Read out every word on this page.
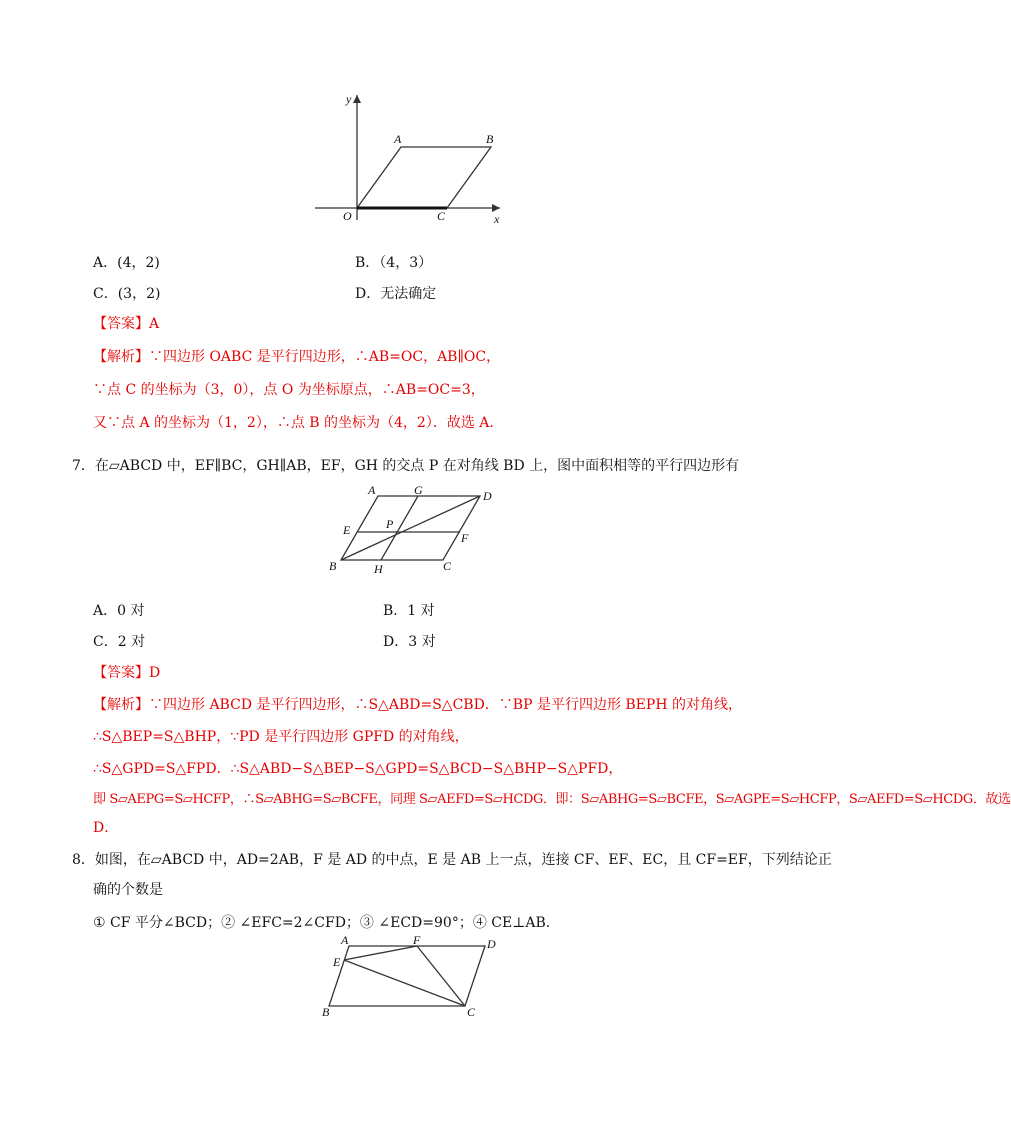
y
x
O
A	B
C
A．(4，2)	B．（4，3）
C．(3，2)	D．无法确定
【答案】A
【解析】∵四边形 OABC 是平行四边形，∴AB=OC，AB∥OC，
∵点 C 的坐标为（3，0），点 O 为坐标原点，∴AB=OC=3，
又∵点 A 的坐标为（1，2），∴点 B 的坐标为（4，2）．故选 A．
7．在▱ABCD 中，EF∥BC，GH∥AB，EF，GH 的交点 P 在对角线 BD 上，图中面积相等的平行四边形有
A	G	D
E	P
F
B	H	C
A．0 对	B．1 对
C．2 对	D．3 对
【答案】D
【解析】∵四边形 ABCD 是平行四边形，∴S△ABD=S△CBD．∵BP 是平行四边形 BEPH 的对角线，
∴S△BEP=S△BHP，∵PD 是平行四边形 GPFD 的对角线，
∴S△GPD=S△FPD．∴S△ABD−S△BEP−S△GPD=S△BCD−S△BHP−S△PFD，
即 S▱AEPG=S▱HCFP，∴S▱ABHG=S▱BCFE，同理 S▱AEFD=S▱HCDG．即：S▱ABHG=S▱BCFE，S▱AGPE=S▱HCFP，S▱AEFD=S▱HCDG．故选
D．
8．如图，在▱ABCD 中，AD=2AB，F 是 AD 的中点，E 是 AB 上一点，连接 CF、EF、EC，且 CF=EF，下列结论正
确的个数是
① CF 平分∠BCD；② ∠EFC=2∠CFD；③ ∠ECD=90°；④ CE⊥AB．
A	F	D
E
B	C
